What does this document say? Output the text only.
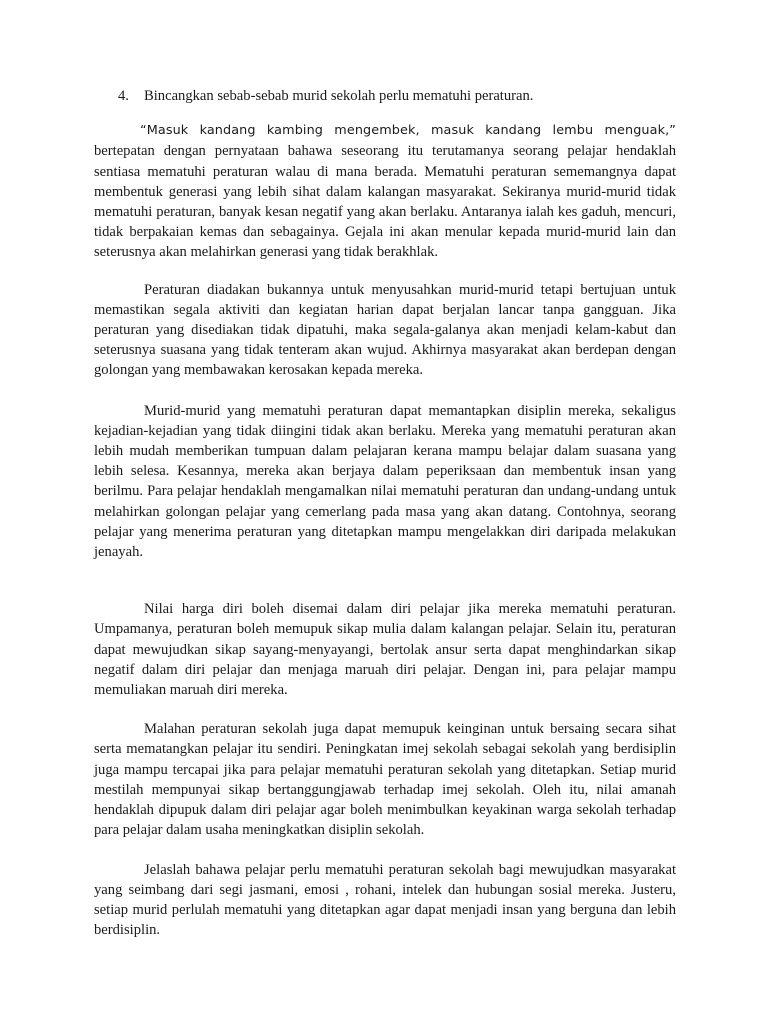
4.	Bincangkan sebab-sebab murid sekolah perlu mematuhi peraturan.

“Masuk kandang kambing mengembek, masuk kandang lembu menguak,” bertepatan dengan pernyataan bahawa seseorang itu terutamanya seorang pelajar hendaklah sentiasa mematuhi peraturan walau di mana berada. Mematuhi peraturan sememangnya dapat membentuk generasi yang lebih sihat dalam kalangan masyarakat. Sekiranya murid-murid tidak mematuhi peraturan, banyak kesan negatif yang akan berlaku. Antaranya ialah kes gaduh, mencuri, tidak berpakaian kemas dan sebagainya. Gejala ini akan menular kepada murid-murid lain dan seterusnya akan melahirkan generasi yang tidak berakhlak.

Peraturan diadakan bukannya untuk menyusahkan murid-murid tetapi bertujuan untuk memastikan segala aktiviti dan kegiatan harian dapat berjalan lancar tanpa gangguan. Jika peraturan yang disediakan tidak dipatuhi, maka segala-galanya akan menjadi kelam-kabut dan seterusnya suasana yang tidak tenteram akan wujud. Akhirnya masyarakat akan berdepan dengan golongan yang membawakan kerosakan kepada mereka.

Murid-murid yang mematuhi peraturan dapat memantapkan disiplin mereka, sekaligus kejadian-kejadian yang tidak diingini tidak akan berlaku. Mereka yang mematuhi peraturan akan lebih mudah memberikan tumpuan dalam pelajaran kerana mampu belajar dalam suasana yang lebih selesa. Kesannya, mereka akan berjaya dalam peperiksaan dan membentuk insan yang berilmu. Para pelajar hendaklah mengamalkan nilai mematuhi peraturan dan undang-undang untuk melahirkan golongan pelajar yang cemerlang pada masa yang akan datang. Contohnya, seorang pelajar yang menerima peraturan yang ditetapkan mampu mengelakkan diri daripada melakukan jenayah.

Nilai harga diri boleh disemai dalam diri pelajar jika mereka mematuhi peraturan. Umpamanya, peraturan boleh memupuk sikap mulia dalam kalangan pelajar. Selain itu, peraturan dapat mewujudkan sikap sayang-menyayangi, bertolak ansur serta dapat menghindarkan sikap negatif dalam diri pelajar dan menjaga maruah diri pelajar. Dengan ini, para pelajar mampu memuliakan maruah diri mereka.

Malahan peraturan sekolah juga dapat memupuk keinginan untuk bersaing secara sihat serta mematangkan pelajar itu sendiri. Peningkatan imej sekolah sebagai sekolah yang berdisiplin juga mampu tercapai jika para pelajar mematuhi peraturan sekolah yang ditetapkan. Setiap murid mestilah mempunyai sikap bertanggungjawab terhadap imej sekolah. Oleh itu, nilai amanah hendaklah dipupuk dalam diri pelajar agar boleh menimbulkan keyakinan warga sekolah terhadap para pelajar dalam usaha meningkatkan disiplin sekolah.

Jelaslah bahawa pelajar perlu mematuhi peraturan sekolah bagi mewujudkan masyarakat yang seimbang dari segi jasmani, emosi , rohani, intelek dan hubungan sosial mereka. Justeru, setiap murid perlulah mematuhi yang ditetapkan agar dapat menjadi insan yang berguna dan lebih berdisiplin.
